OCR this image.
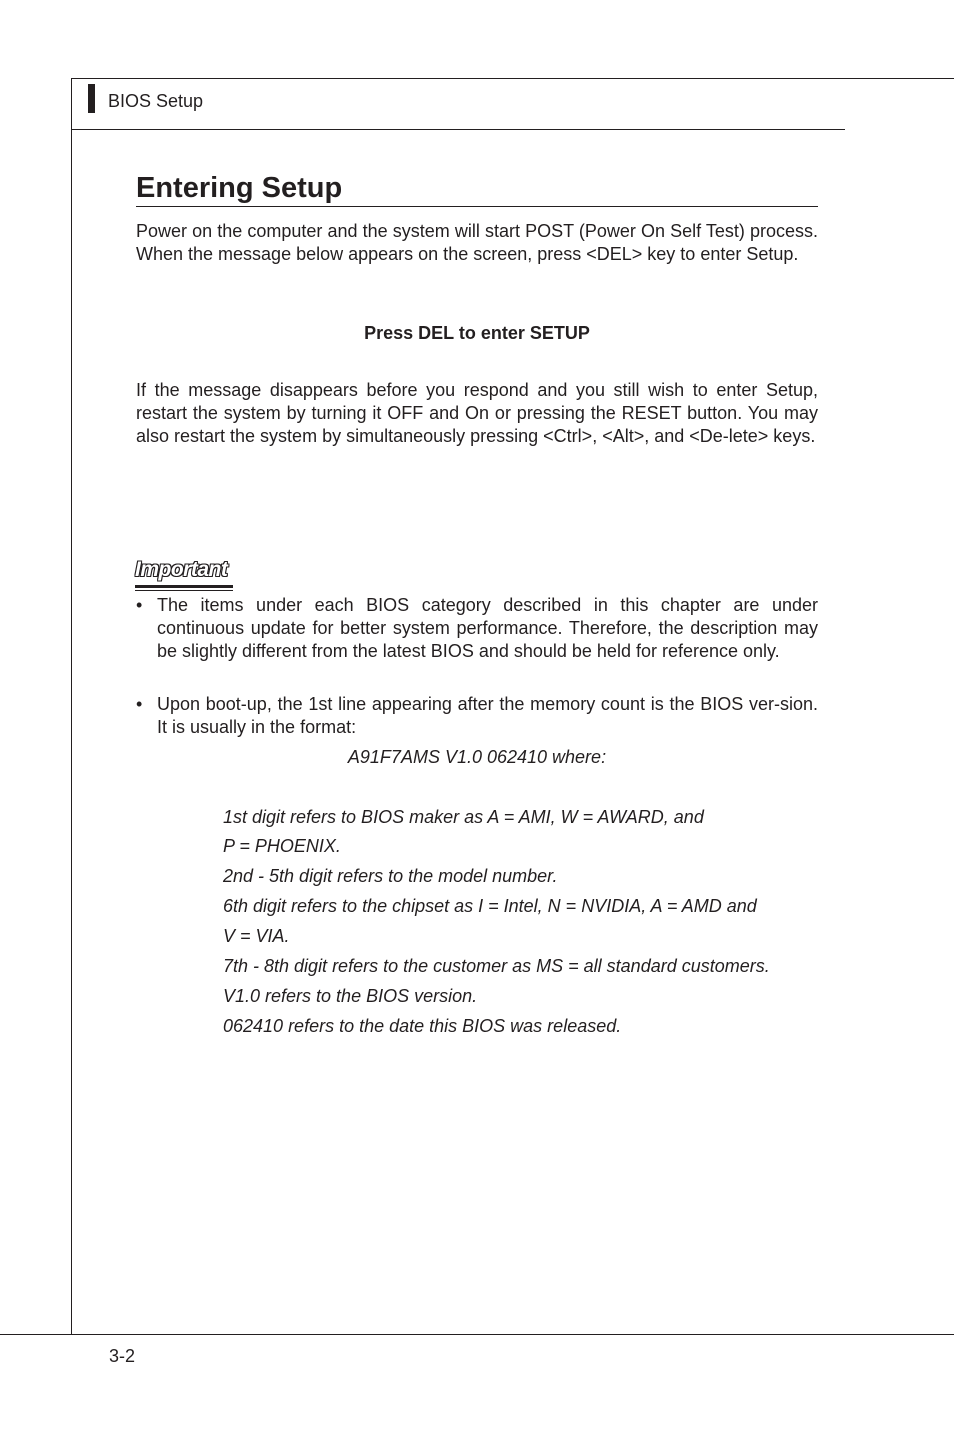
BIOS Setup
Entering Setup

Power on the computer and the system will start POST (Power On Self Test) process. When the message below appears on the screen, press <DEL> key to enter Setup.

Press DEL to enter SETUP

If the message disappears before you respond and you still wish to enter Setup, restart the system by turning it OFF and On or pressing the RESET button. You may also restart the system by simultaneously pressing <Ctrl>, <Alt>, and <De-lete> keys.

Important
• The items under each BIOS category described in this chapter are under continuous update for better system performance. Therefore, the description may be slightly different from the latest BIOS and should be held for reference only.
• Upon boot-up, the 1st line appearing after the memory count is the BIOS ver-sion. It is usually in the format:
A91F7AMS V1.0 062410 where:
1st digit refers to BIOS maker as A = AMI, W = AWARD, and
P = PHOENIX.
2nd - 5th digit refers to the model number.
6th digit refers to the chipset as I = Intel, N = NVIDIA, A = AMD and
V = VIA.
7th - 8th digit refers to the customer as MS = all standard customers.
V1.0 refers to the BIOS version.
062410 refers to the date this BIOS was released.
3-2
